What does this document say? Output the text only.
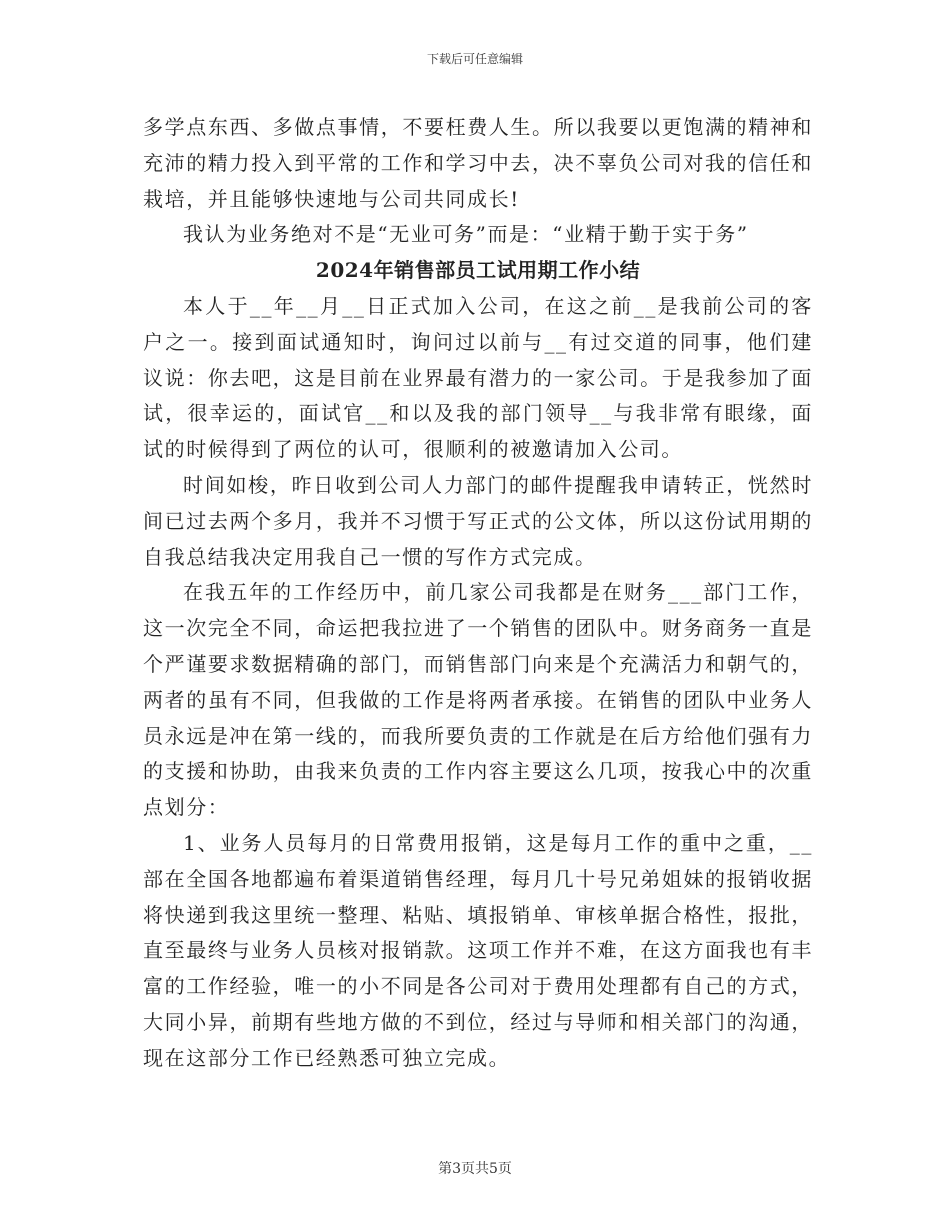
下载后可任意编辑

多学点东西、多做点事情，不要枉费人生。所以我要以更饱满的精神和充沛的精力投入到平常的工作和学习中去，决不辜负公司对我的信任和栽培，并且能够快速地与公司共同成长!

我认为业务绝对不是“无业可务”而是：“业精于勤于实于务”

2024年销售部员工试用期工作小结

本人于__年__月__日正式加入公司，在这之前__是我前公司的客户之一。接到面试通知时，询问过以前与__有过交道的同事，他们建议说：你去吧，这是目前在业界最有潜力的一家公司。于是我参加了面试，很幸运的，面试官__和以及我的部门领导__与我非常有眼缘，面试的时候得到了两位的认可，很顺利的被邀请加入公司。

时间如梭，昨日收到公司人力部门的邮件提醒我申请转正，恍然时间已过去两个多月，我并不习惯于写正式的公文体，所以这份试用期的自我总结我决定用我自己一惯的写作方式完成。

在我五年的工作经历中，前几家公司我都是在财务___部门工作，这一次完全不同，命运把我拉进了一个销售的团队中。财务商务一直是个严谨要求数据精确的部门，而销售部门向来是个充满活力和朝气的，两者的虽有不同，但我做的工作是将两者承接。在销售的团队中业务人员永远是冲在第一线的，而我所要负责的工作就是在后方给他们强有力的支援和协助，由我来负责的工作内容主要这么几项，按我心中的次重点划分：

1、业务人员每月的日常费用报销，这是每月工作的重中之重，__部在全国各地都遍布着渠道销售经理，每月几十号兄弟姐妹的报销收据将快递到我这里统一整理、粘贴、填报销单、审核单据合格性，报批，直至最终与业务人员核对报销款。这项工作并不难，在这方面我也有丰富的工作经验，唯一的小不同是各公司对于费用处理都有自己的方式，大同小异，前期有些地方做的不到位，经过与导师和相关部门的沟通，现在这部分工作已经熟悉可独立完成。

第3页共5页
